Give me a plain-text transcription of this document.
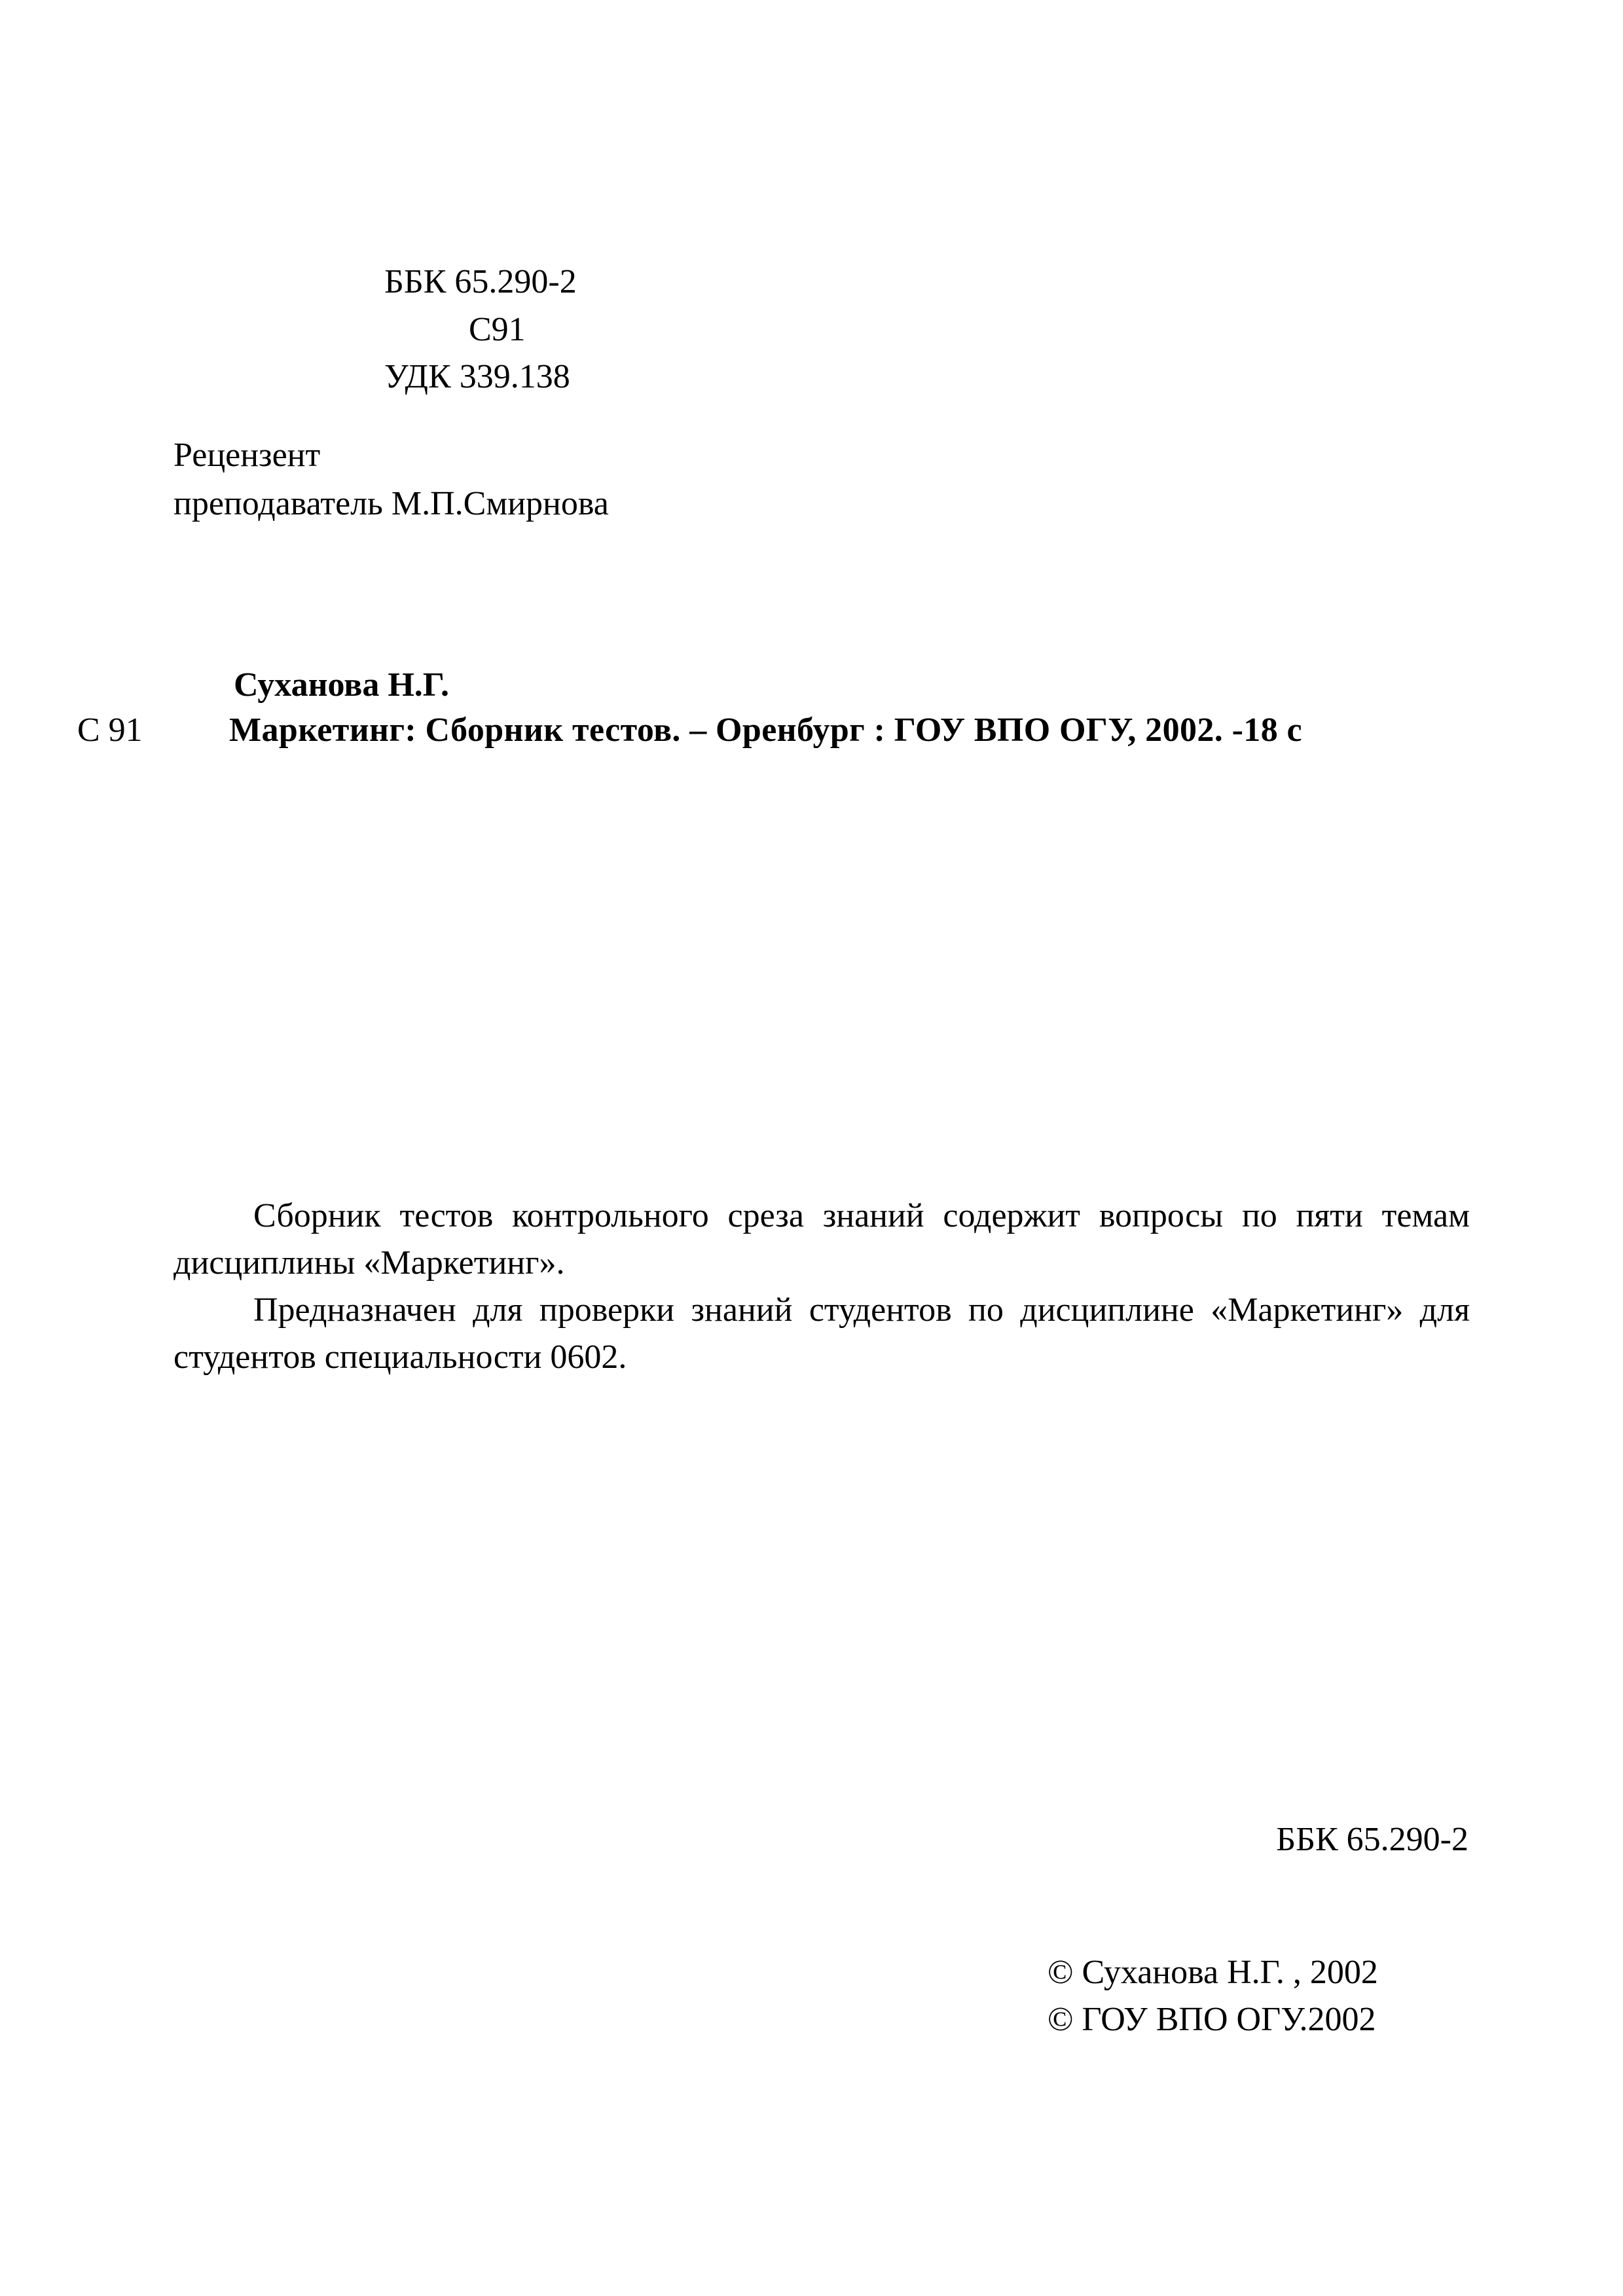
ББК 65.290-2
С91
УДК 339.138
Рецензент
преподаватель М.П.Смирнова
Суханова Н.Г.
С 91	Маркетинг: Сборник тестов. – Оренбург : ГОУ ВПО ОГУ, 2002. -18 с

Сборник тестов контрольного среза знаний содержит вопросы по пяти темам дисциплины «Маркетинг».

Предназначен для проверки знаний студентов по дисциплине «Маркетинг» для студентов специальности 0602.

ББК 65.290-2
© Суханова Н.Г. , 2002
© ГОУ ВПО ОГУ.2002
